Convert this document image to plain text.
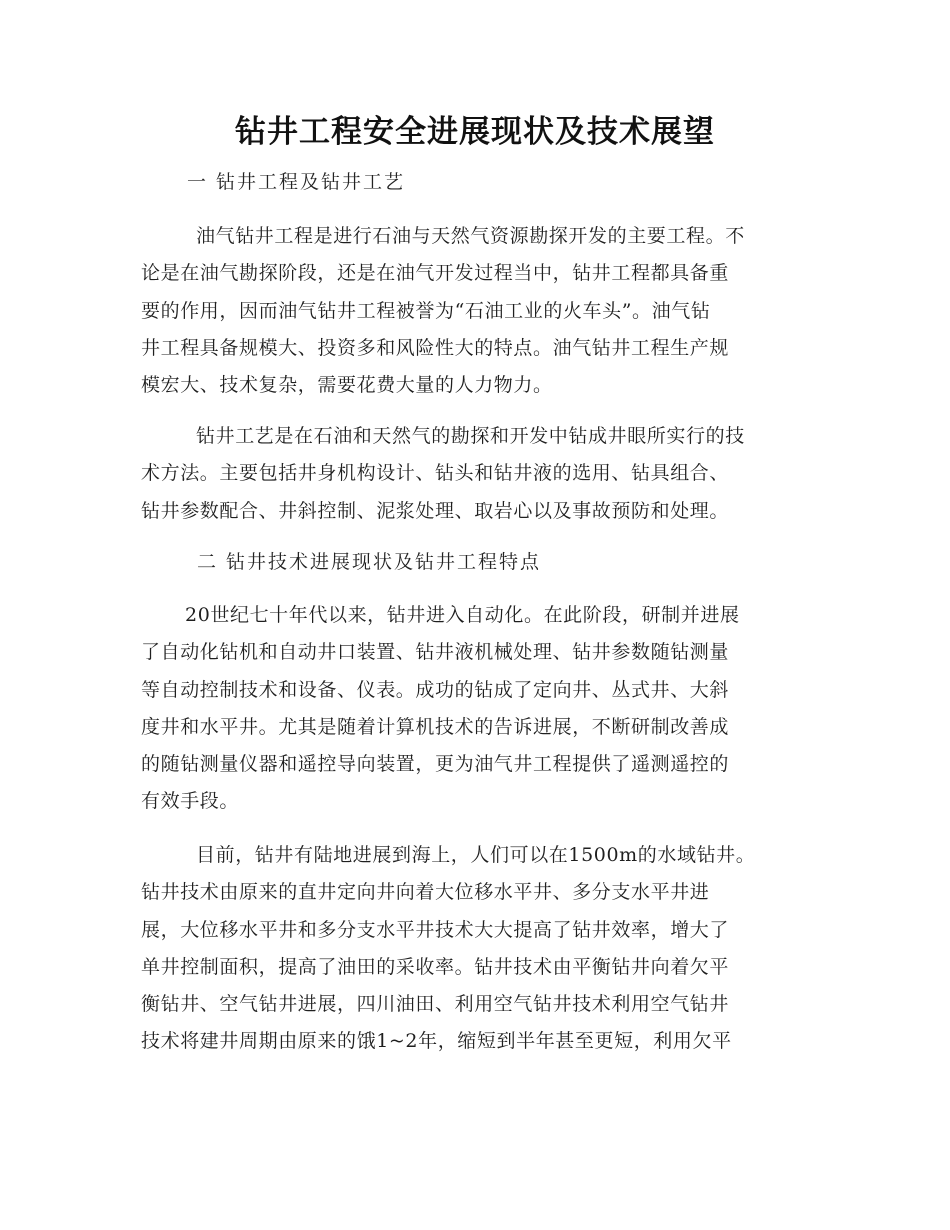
钻井工程安全进展现状及技术展望
一 钻井工程及钻井工艺
油气钻井工程是进行石油与天然气资源勘探开发的主要工程。不
论是在油气勘探阶段，还是在油气开发过程当中，钻井工程都具备重
要的作用，因而油气钻井工程被誉为“石油工业的火车头”。油气钻
井工程具备规模大、投资多和风险性大的特点。油气钻井工程生产规
模宏大、技术复杂，需要花费大量的人力物力。
钻井工艺是在石油和天然气的勘探和开发中钻成井眼所实行的技
术方法。主要包括井身机构设计、钻头和钻井液的选用、钻具组合、
钻井参数配合、井斜控制、泥浆处理、取岩心以及事故预防和处理。
二 钻井技术进展现状及钻井工程特点
20世纪七十年代以来，钻井进入自动化。在此阶段，研制并进展
了自动化钻机和自动井口装置、钻井液机械处理、钻井参数随钻测量
等自动控制技术和设备、仪表。成功的钻成了定向井、丛式井、大斜
度井和水平井。尤其是随着计算机技术的告诉进展，不断研制改善成
的随钻测量仪器和遥控导向装置，更为油气井工程提供了遥测遥控的
有效手段。
目前，钻井有陆地进展到海上，人们可以在1500m的水域钻井。
钻井技术由原来的直井定向井向着大位移水平井、多分支水平井进
展，大位移水平井和多分支水平井技术大大提高了钻井效率，增大了
单井控制面积，提高了油田的采收率。钻井技术由平衡钻井向着欠平
衡钻井、空气钻井进展，四川油田、利用空气钻井技术利用空气钻井
技术将建井周期由原来的饿1~2年，缩短到半年甚至更短，利用欠平
